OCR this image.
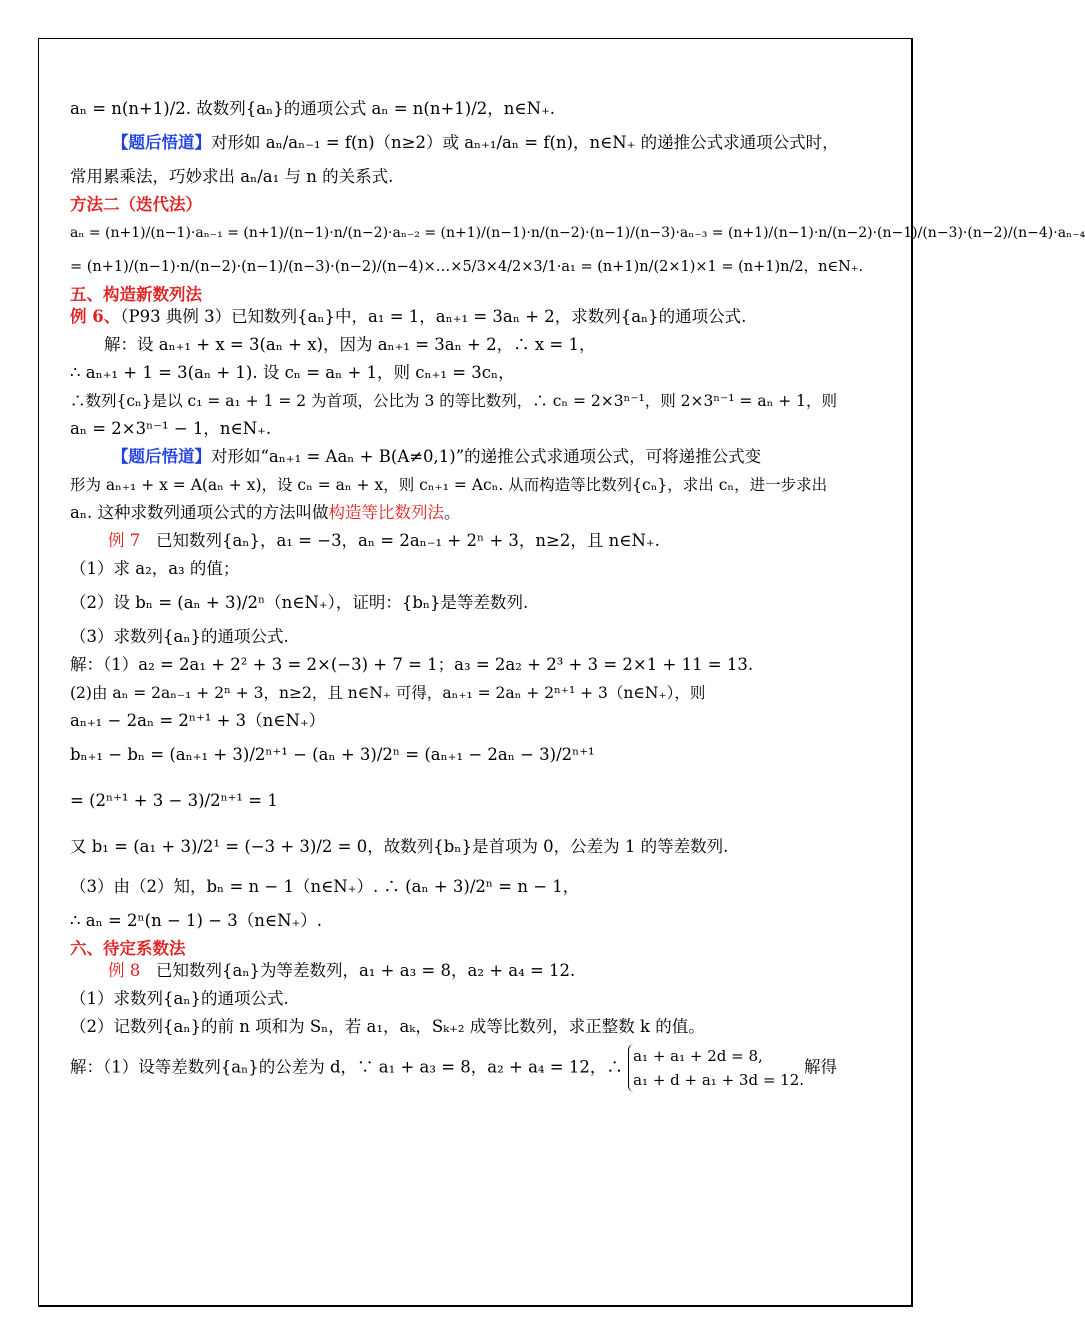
aₙ = n(n+1)/2. 故数列{aₙ}的通项公式 aₙ = n(n+1)/2，n∈N₊.

【题后悟道】对形如 aₙ/aₙ₋₁ = f(n)（n≥2）或 aₙ₊₁/aₙ = f(n)，n∈N₊ 的递推公式求通项公式时，

常用累乘法，巧妙求出 aₙ/a₁ 与 n 的关系式.

方法二（迭代法）

aₙ = (n+1)/(n−1)·aₙ₋₁ = (n+1)/(n−1)·n/(n−2)·aₙ₋₂ = (n+1)/(n−1)·n/(n−2)·(n−1)/(n−3)·aₙ₋₃ = (n+1)/(n−1)·n/(n−2)·(n−1)/(n−3)·(n−2)/(n−4)·aₙ₋₄

= (n+1)/(n−1)·n/(n−2)·(n−1)/(n−3)·(n−2)/(n−4)×…×5/3×4/2×3/1·a₁ = (n+1)n/(2×1)×1 = (n+1)n/2，n∈N₊.

五、构造新数列法

例 6、（P93 典例 3）已知数列{aₙ}中，a₁ = 1，aₙ₊₁ = 3aₙ + 2，求数列{aₙ}的通项公式.

解：设 aₙ₊₁ + x = 3(aₙ + x)，因为 aₙ₊₁ = 3aₙ + 2，∴ x = 1，

∴ aₙ₊₁ + 1 = 3(aₙ + 1). 设 cₙ = aₙ + 1，则 cₙ₊₁ = 3cₙ，

∴数列{cₙ}是以 c₁ = a₁ + 1 = 2 为首项，公比为 3 的等比数列，∴ cₙ = 2×3ⁿ⁻¹，则 2×3ⁿ⁻¹ = aₙ + 1，则

aₙ = 2×3ⁿ⁻¹ − 1，n∈N₊.

【题后悟道】对形如“aₙ₊₁ = Aaₙ + B(A≠0,1)”的递推公式求通项公式，可将递推公式变

形为 aₙ₊₁ + x = A(aₙ + x)，设 cₙ = aₙ + x，则 cₙ₊₁ = Acₙ. 从而构造等比数列{cₙ}，求出 cₙ，进一步求出

aₙ. 这种求数列通项公式的方法叫做构造等比数列法。

例 7 已知数列{aₙ}，a₁ = −3，aₙ = 2aₙ₋₁ + 2ⁿ + 3，n≥2，且 n∈N₊.

（1）求 a₂，a₃ 的值；

（2）设 bₙ = (aₙ + 3)/2ⁿ（n∈N₊），证明：{bₙ}是等差数列.

（3）求数列{aₙ}的通项公式.

解：（1）a₂ = 2a₁ + 2² + 3 = 2×(−3) + 7 = 1；a₃ = 2a₂ + 2³ + 3 = 2×1 + 11 = 13.

(2)由 aₙ = 2aₙ₋₁ + 2ⁿ + 3，n≥2，且 n∈N₊ 可得，aₙ₊₁ = 2aₙ + 2ⁿ⁺¹ + 3（n∈N₊），则

aₙ₊₁ − 2aₙ = 2ⁿ⁺¹ + 3（n∈N₊）

bₙ₊₁ − bₙ = (aₙ₊₁ + 3)/2ⁿ⁺¹ − (aₙ + 3)/2ⁿ = (aₙ₊₁ − 2aₙ − 3)/2ⁿ⁺¹

= (2ⁿ⁺¹ + 3 − 3)/2ⁿ⁺¹ = 1

又 b₁ = (a₁ + 3)/2¹ = (−3 + 3)/2 = 0，故数列{bₙ}是首项为 0，公差为 1 的等差数列.

（3）由（2）知，bₙ = n − 1（n∈N₊）. ∴ (aₙ + 3)/2ⁿ = n − 1，

∴ aₙ = 2ⁿ(n − 1) − 3（n∈N₊）.

六、待定系数法

例 8 已知数列{aₙ}为等差数列，a₁ + a₃ = 8，a₂ + a₄ = 12.

（1）求数列{aₙ}的通项公式.

（2）记数列{aₙ}的前 n 项和为 Sₙ，若 a₁，aₖ，Sₖ₊₂ 成等比数列，求正整数 k 的值。

解：（1）设等差数列{aₙ}的公差为 d，∵ a₁ + a₃ = 8，a₂ + a₄ = 12，∴
a₁ + a₁ + 2d = 8,
a₁ + d + a₁ + 3d = 12.
解得
